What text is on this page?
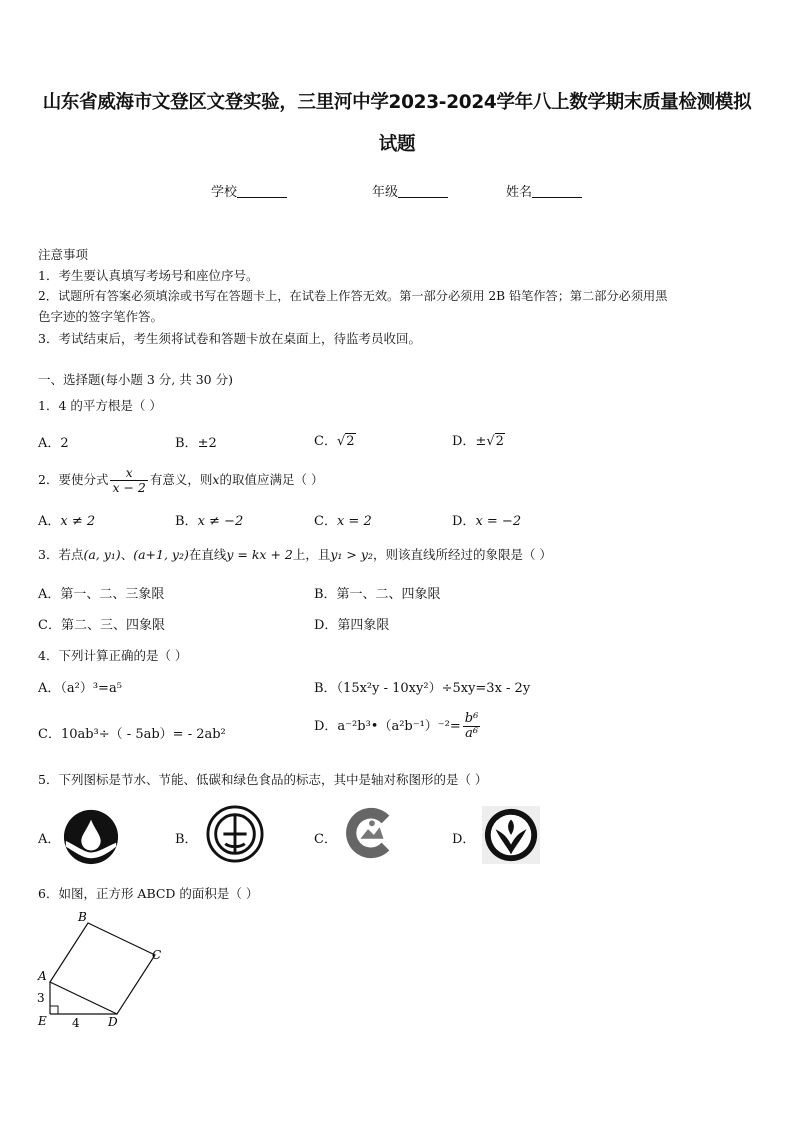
山东省威海市文登区文登实验，三里河中学2023-2024学年八上数学期末质量检测模拟
试题
学校	年级	姓名
注意事项
1．考生要认真填写考场号和座位序号。
2．试题所有答案必须填涂或书写在答题卡上，在试卷上作答无效。第一部分必须用 2B 铅笔作答；第二部分必须用黑
色字迹的签字笔作答。
3．考试结束后，考生须将试卷和答题卡放在桌面上，待监考员收回。
一、选择题(每小题 3 分, 共 30 分)
1．4 的平方根是（ ）
A．2	B．±2	C．√2	D．±√2
2．要使分式 $\frac{x}{x - 2}$ 有意义，则x的取值应满足（ ）
A．x ≠ 2	B．x ≠ −2	C．x = 2	D．x = −2
3．若点(a, y₁)、(a+1, y₂)在直线y = kx + 2上，且y₁ > y₂，则该直线所经过的象限是（ ）
A．第一、二、三象限	B．第一、二、四象限
C．第二、三、四象限	D．第四象限
4．下列计算正确的是（ ）
A．（a²）³=a⁵	B．（15x²y - 10xy²）÷5xy=3x - 2y
C．10ab³÷（ - 5ab）= - 2ab²
D．a⁻²b³•（a²b⁻¹）⁻²= $\frac{\text{b⁶}}{\text{a⁶}}$
5．下列图标是节水、节能、低碳和绿色食品的标志，其中是轴对称图形的是（ ）
A．	B．	C．	D．
6．如图，正方形 ABCD 的面积是（ ）
B
C
A
E	D
3
4
